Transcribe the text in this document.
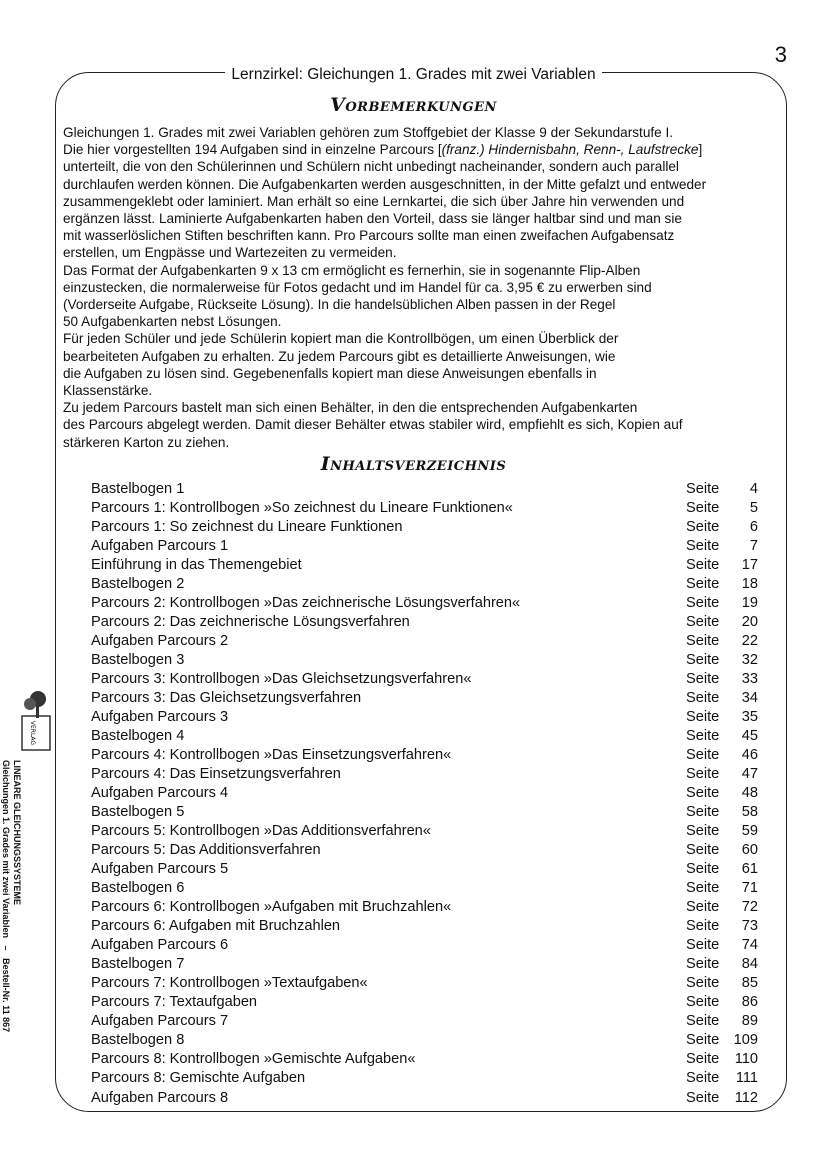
3
Lernzirkel: Gleichungen 1. Grades mit zwei Variablen
Vorbemerkungen

Gleichungen 1. Grades mit zwei Variablen gehören zum Stoffgebiet der Klasse 9 der Sekundarstufe I.

Die hier vorgestellten 194 Aufgaben sind in einzelne Parcours [(franz.) Hindernisbahn, Renn-, Laufstrecke]

unterteilt, die von den Schülerinnen und Schülern nicht unbedingt nacheinander, sondern auch parallel

durchlaufen werden können. Die Aufgabenkarten werden ausgeschnitten, in der Mitte gefalzt und entweder

zusammengeklebt oder laminiert. Man erhält so eine Lernkartei, die sich über Jahre hin verwenden und

ergänzen lässt. Laminierte Aufgabenkarten haben den Vorteil, dass sie länger haltbar sind und man sie

mit wasserlöslichen Stiften beschriften kann. Pro Parcours sollte man einen zweifachen Aufgabensatz

erstellen, um Engpässe und Wartezeiten zu vermeiden.

Das Format der Aufgabenkarten 9 x 13 cm ermöglicht es fernerhin, sie in sogenannte Flip-Alben

einzustecken, die normalerweise für Fotos gedacht und im Handel für ca. 3,95 € zu erwerben sind

(Vorderseite Aufgabe, Rückseite Lösung). In die handelsüblichen Alben passen in der Regel

50 Aufgabenkarten nebst Lösungen.

Für jeden Schüler und jede Schülerin kopiert man die Kontrollbögen, um einen Überblick der

bearbeiteten Aufgaben zu erhalten. Zu jedem Parcours gibt es detaillierte Anweisungen, wie

die Aufgaben zu lösen sind. Gegebenenfalls kopiert man diese Anweisungen ebenfalls in

Klassenstärke.

Zu jedem Parcours bastelt man sich einen Behälter, in den die entsprechenden Aufgabenkarten

des Parcours abgelegt werden. Damit dieser Behälter etwas stabiler wird, empfiehlt es sich, Kopien auf

stärkeren Karton zu ziehen.

Inhaltsverzeichnis
Bastelbogen 1	Seite	4
Parcours 1: Kontrollbogen »So zeichnest du Lineare Funktionen«	Seite	5
Parcours 1: So zeichnest du Lineare Funktionen	Seite	6
Aufgaben Parcours 1	Seite	7
Einführung in das Themengebiet	Seite	17
Bastelbogen 2	Seite	18
Parcours 2: Kontrollbogen »Das zeichnerische Lösungsverfahren«	Seite	19
Parcours 2: Das zeichnerische Lösungsverfahren	Seite	20
Aufgaben Parcours 2	Seite	22
Bastelbogen 3	Seite	32
Parcours 3: Kontrollbogen »Das Gleichsetzungsverfahren«	Seite	33
Parcours 3: Das Gleichsetzungsverfahren	Seite	34
Aufgaben Parcours 3	Seite	35
Bastelbogen 4	Seite	45
Parcours 4: Kontrollbogen »Das Einsetzungsverfahren«	Seite	46
Parcours 4: Das Einsetzungsverfahren	Seite	47
Aufgaben Parcours 4	Seite	48
Bastelbogen 5	Seite	58
Parcours 5: Kontrollbogen »Das Additionsverfahren«	Seite	59
Parcours 5: Das Additionsverfahren	Seite	60
Aufgaben Parcours 5	Seite	61
Bastelbogen 6	Seite	71
Parcours 6: Kontrollbogen »Aufgaben mit Bruchzahlen«	Seite	72
Parcours 6: Aufgaben mit Bruchzahlen	Seite	73
Aufgaben Parcours 6	Seite	74
Bastelbogen 7	Seite	84
Parcours 7: Kontrollbogen »Textaufgaben«	Seite	85
Parcours 7: Textaufgaben	Seite	86
Aufgaben Parcours 7	Seite	89
Bastelbogen 8	Seite 109
Parcours 8: Kontrollbogen »Gemischte Aufgaben«	Seite	110
Parcours 8: Gemischte Aufgaben	Seite	111
Aufgaben Parcours 8	Seite	112
VERLAG
LINEARE GLEICHUNGSSYSTEME
Gleichungen 1. Grades mit zwei Variablen   –   Bestell-Nr. 11 867
